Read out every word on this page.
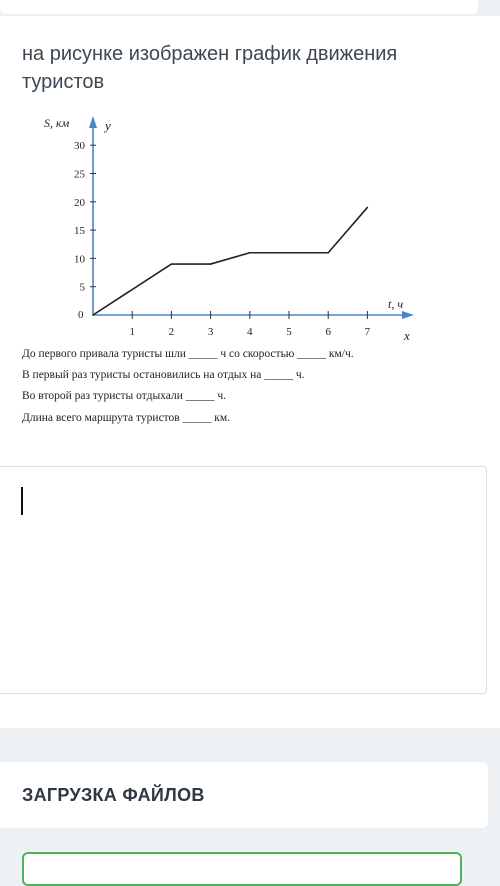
на рисунке изображен график движения туристов
5
10
15
20
25
30
1	2	3	4	5	6	7
S, км	y
t, ч
x
0
До первого привала туристы шли _____ ч со скоростью _____ км/ч.
В первый раз туристы остановились на отдых на _____ ч.
Во второй раз туристы отдыхали _____ ч.
Длина всего маршрута туристов _____ км.
ЗАГРУЗКА ФАЙЛОВ
